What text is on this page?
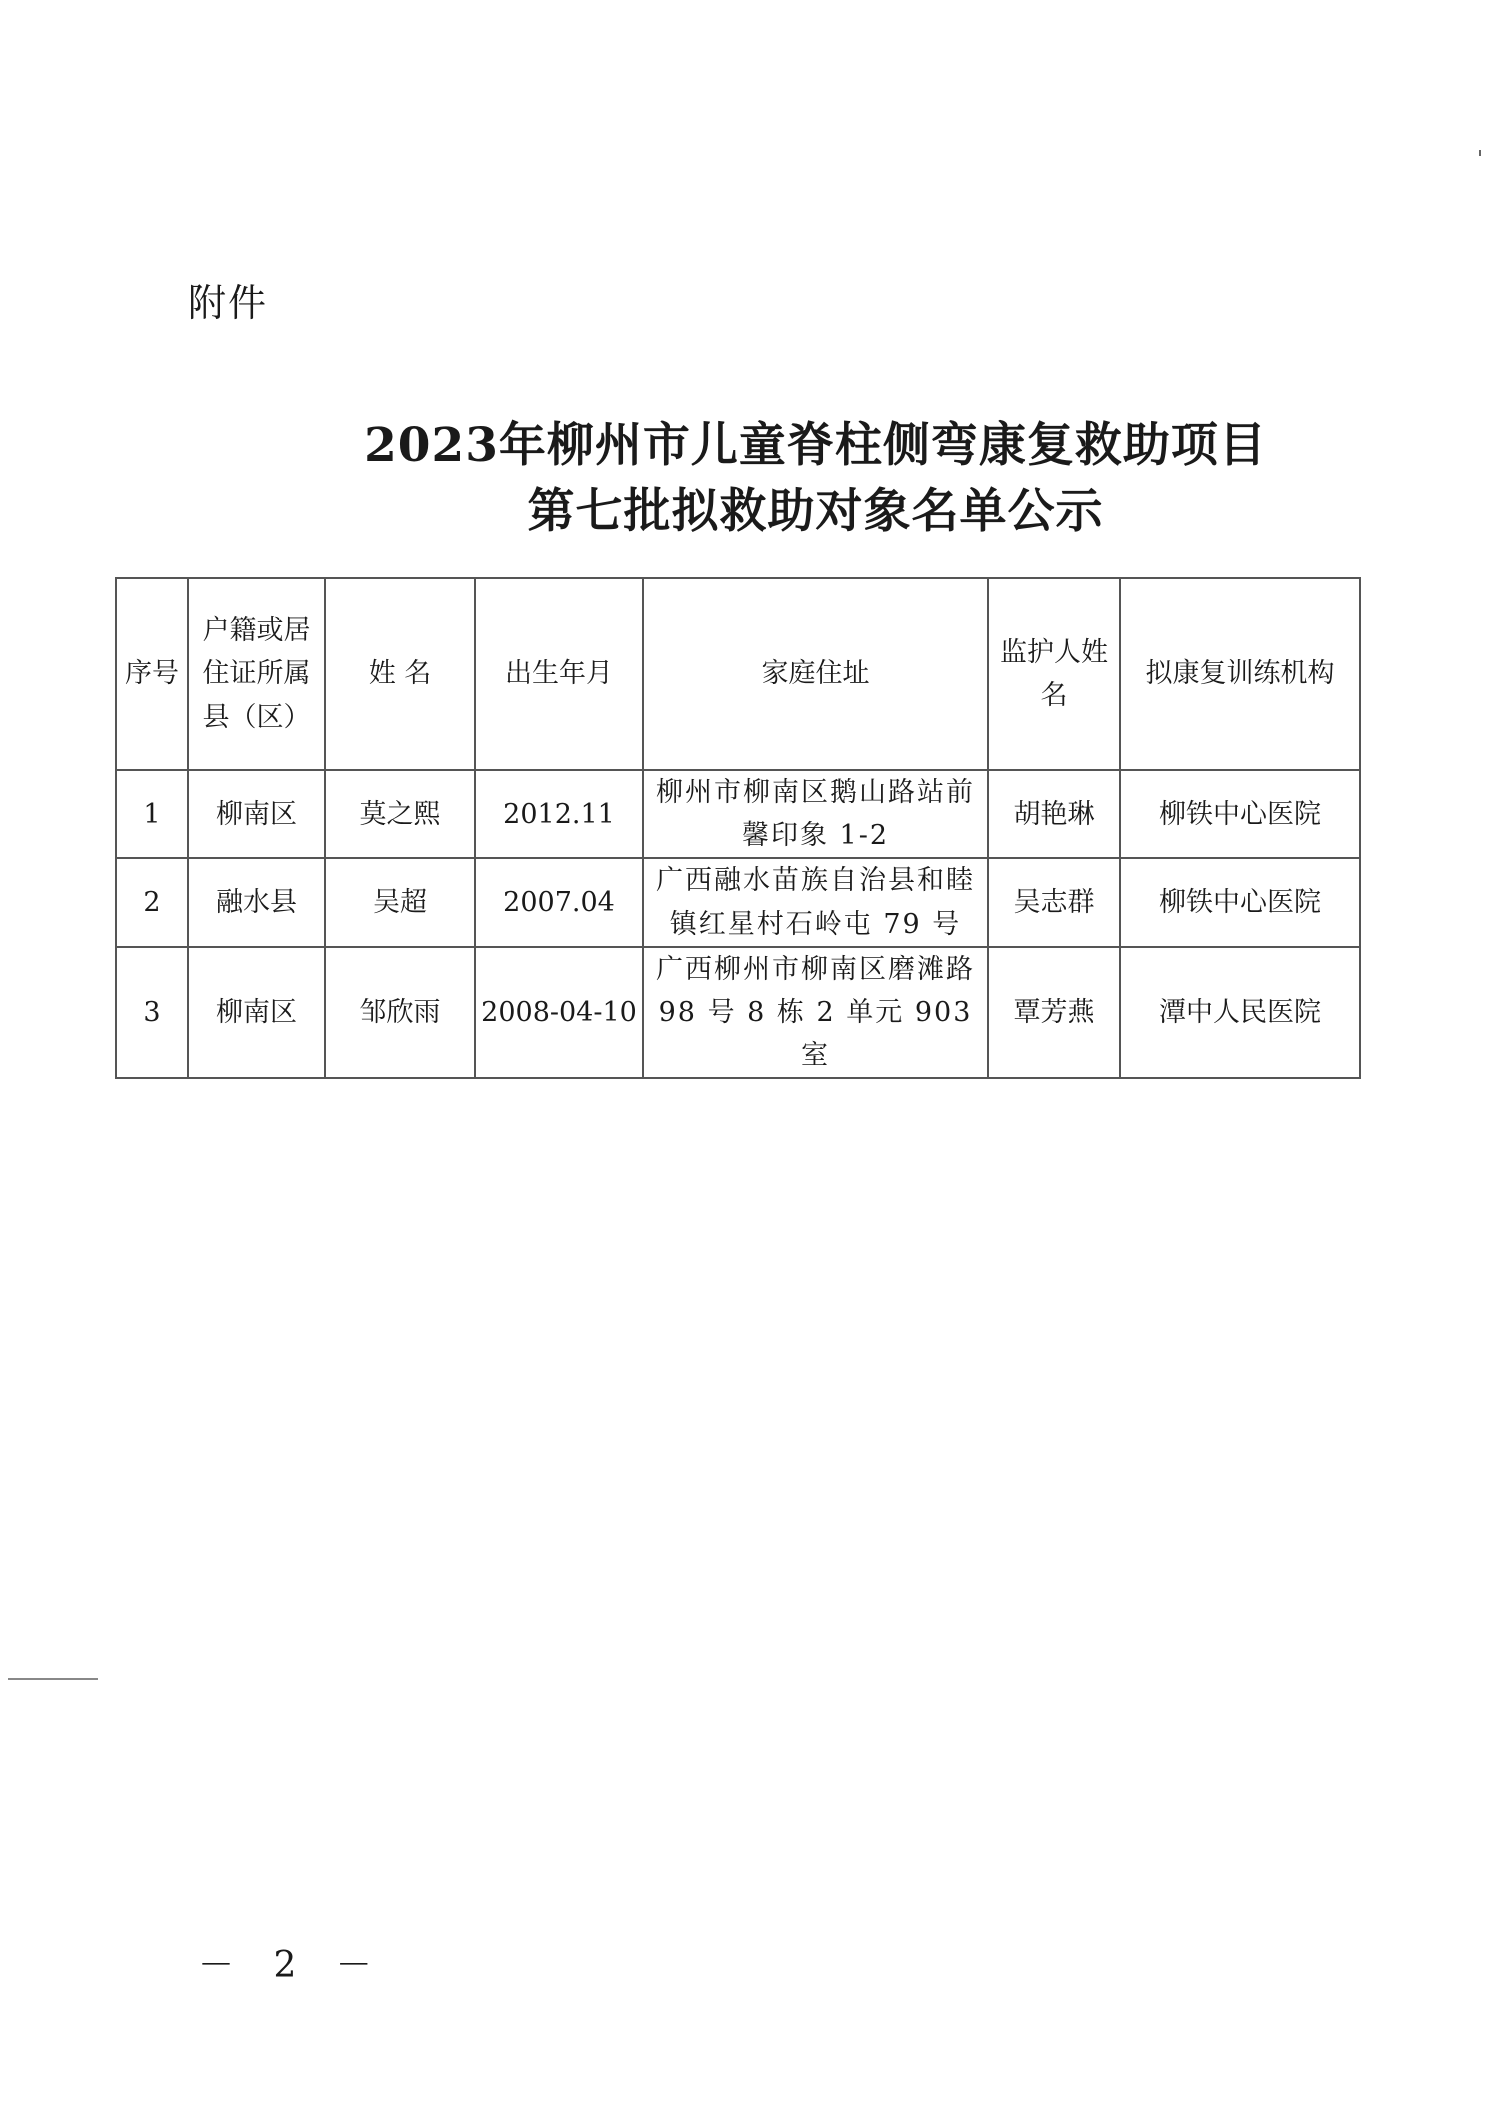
附件
2023年柳州市儿童脊柱侧弯康复救助项目
第七批拟救助对象名单公示
序号	户籍或居住证所属县（区）	姓 名	出生年月	家庭住址	监护人姓　名	拟康复训练机构
1	柳南区	莫之熙	2012.11	柳州市柳南区鹅山路站前馨印象 1-2	胡艳琳	柳铁中心医院
2	融水县	吴超	2007.04	广西融水苗族自治县和睦镇红星村石岭屯 79 号	吴志群	柳铁中心医院
3	柳南区	邹欣雨	2008-04-10	广西柳州市柳南区磨滩路98 号 8 栋 2 单元 903 室	覃芳燕	潭中人民医院
－ 2 －
